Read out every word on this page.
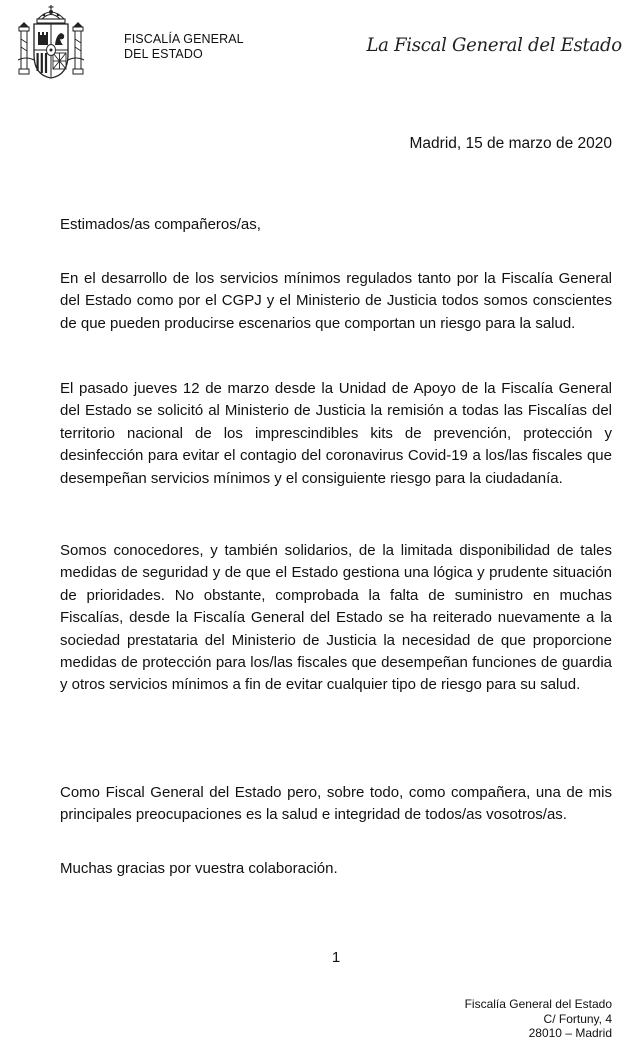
FISCALÍA GENERAL
DEL ESTADO	La Fiscal General del Estado
Madrid, 15 de marzo de 2020

Estimados/as compañeros/as,

En el desarrollo de los servicios mínimos regulados tanto por la Fiscalía General del Estado como por el CGPJ y el Ministerio de Justicia todos somos conscientes de que pueden producirse escenarios que comportan un riesgo para la salud.

El pasado jueves 12 de marzo desde la Unidad de Apoyo de la Fiscalía General del Estado se solicitó al Ministerio de Justicia la remisión a todas las Fiscalías del territorio nacional de los imprescindibles kits de prevención, protección y desinfección para evitar el contagio del coronavirus Covid-19 a los/las fiscales que desempeñan servicios mínimos y el consiguiente riesgo para la ciudadanía.

Somos conocedores, y también solidarios, de la limitada disponibilidad de tales medidas de seguridad y de que el Estado gestiona una lógica y prudente situación de prioridades. No obstante, comprobada la falta de suministro en muchas Fiscalías, desde la Fiscalía General del Estado se ha reiterado nuevamente a la sociedad prestataria del Ministerio de Justicia la necesidad de que proporcione medidas de protección para los/las fiscales que desempeñan funciones de guardia y otros servicios mínimos a fin de evitar cualquier tipo de riesgo para su salud.

Como Fiscal General del Estado pero, sobre todo, como compañera, una de mis principales preocupaciones es la salud e integridad de todos/as vosotros/as.

Muchas gracias por vuestra colaboración.

1
Fiscalía General del Estado
C/ Fortuny, 4
28010 – Madrid
